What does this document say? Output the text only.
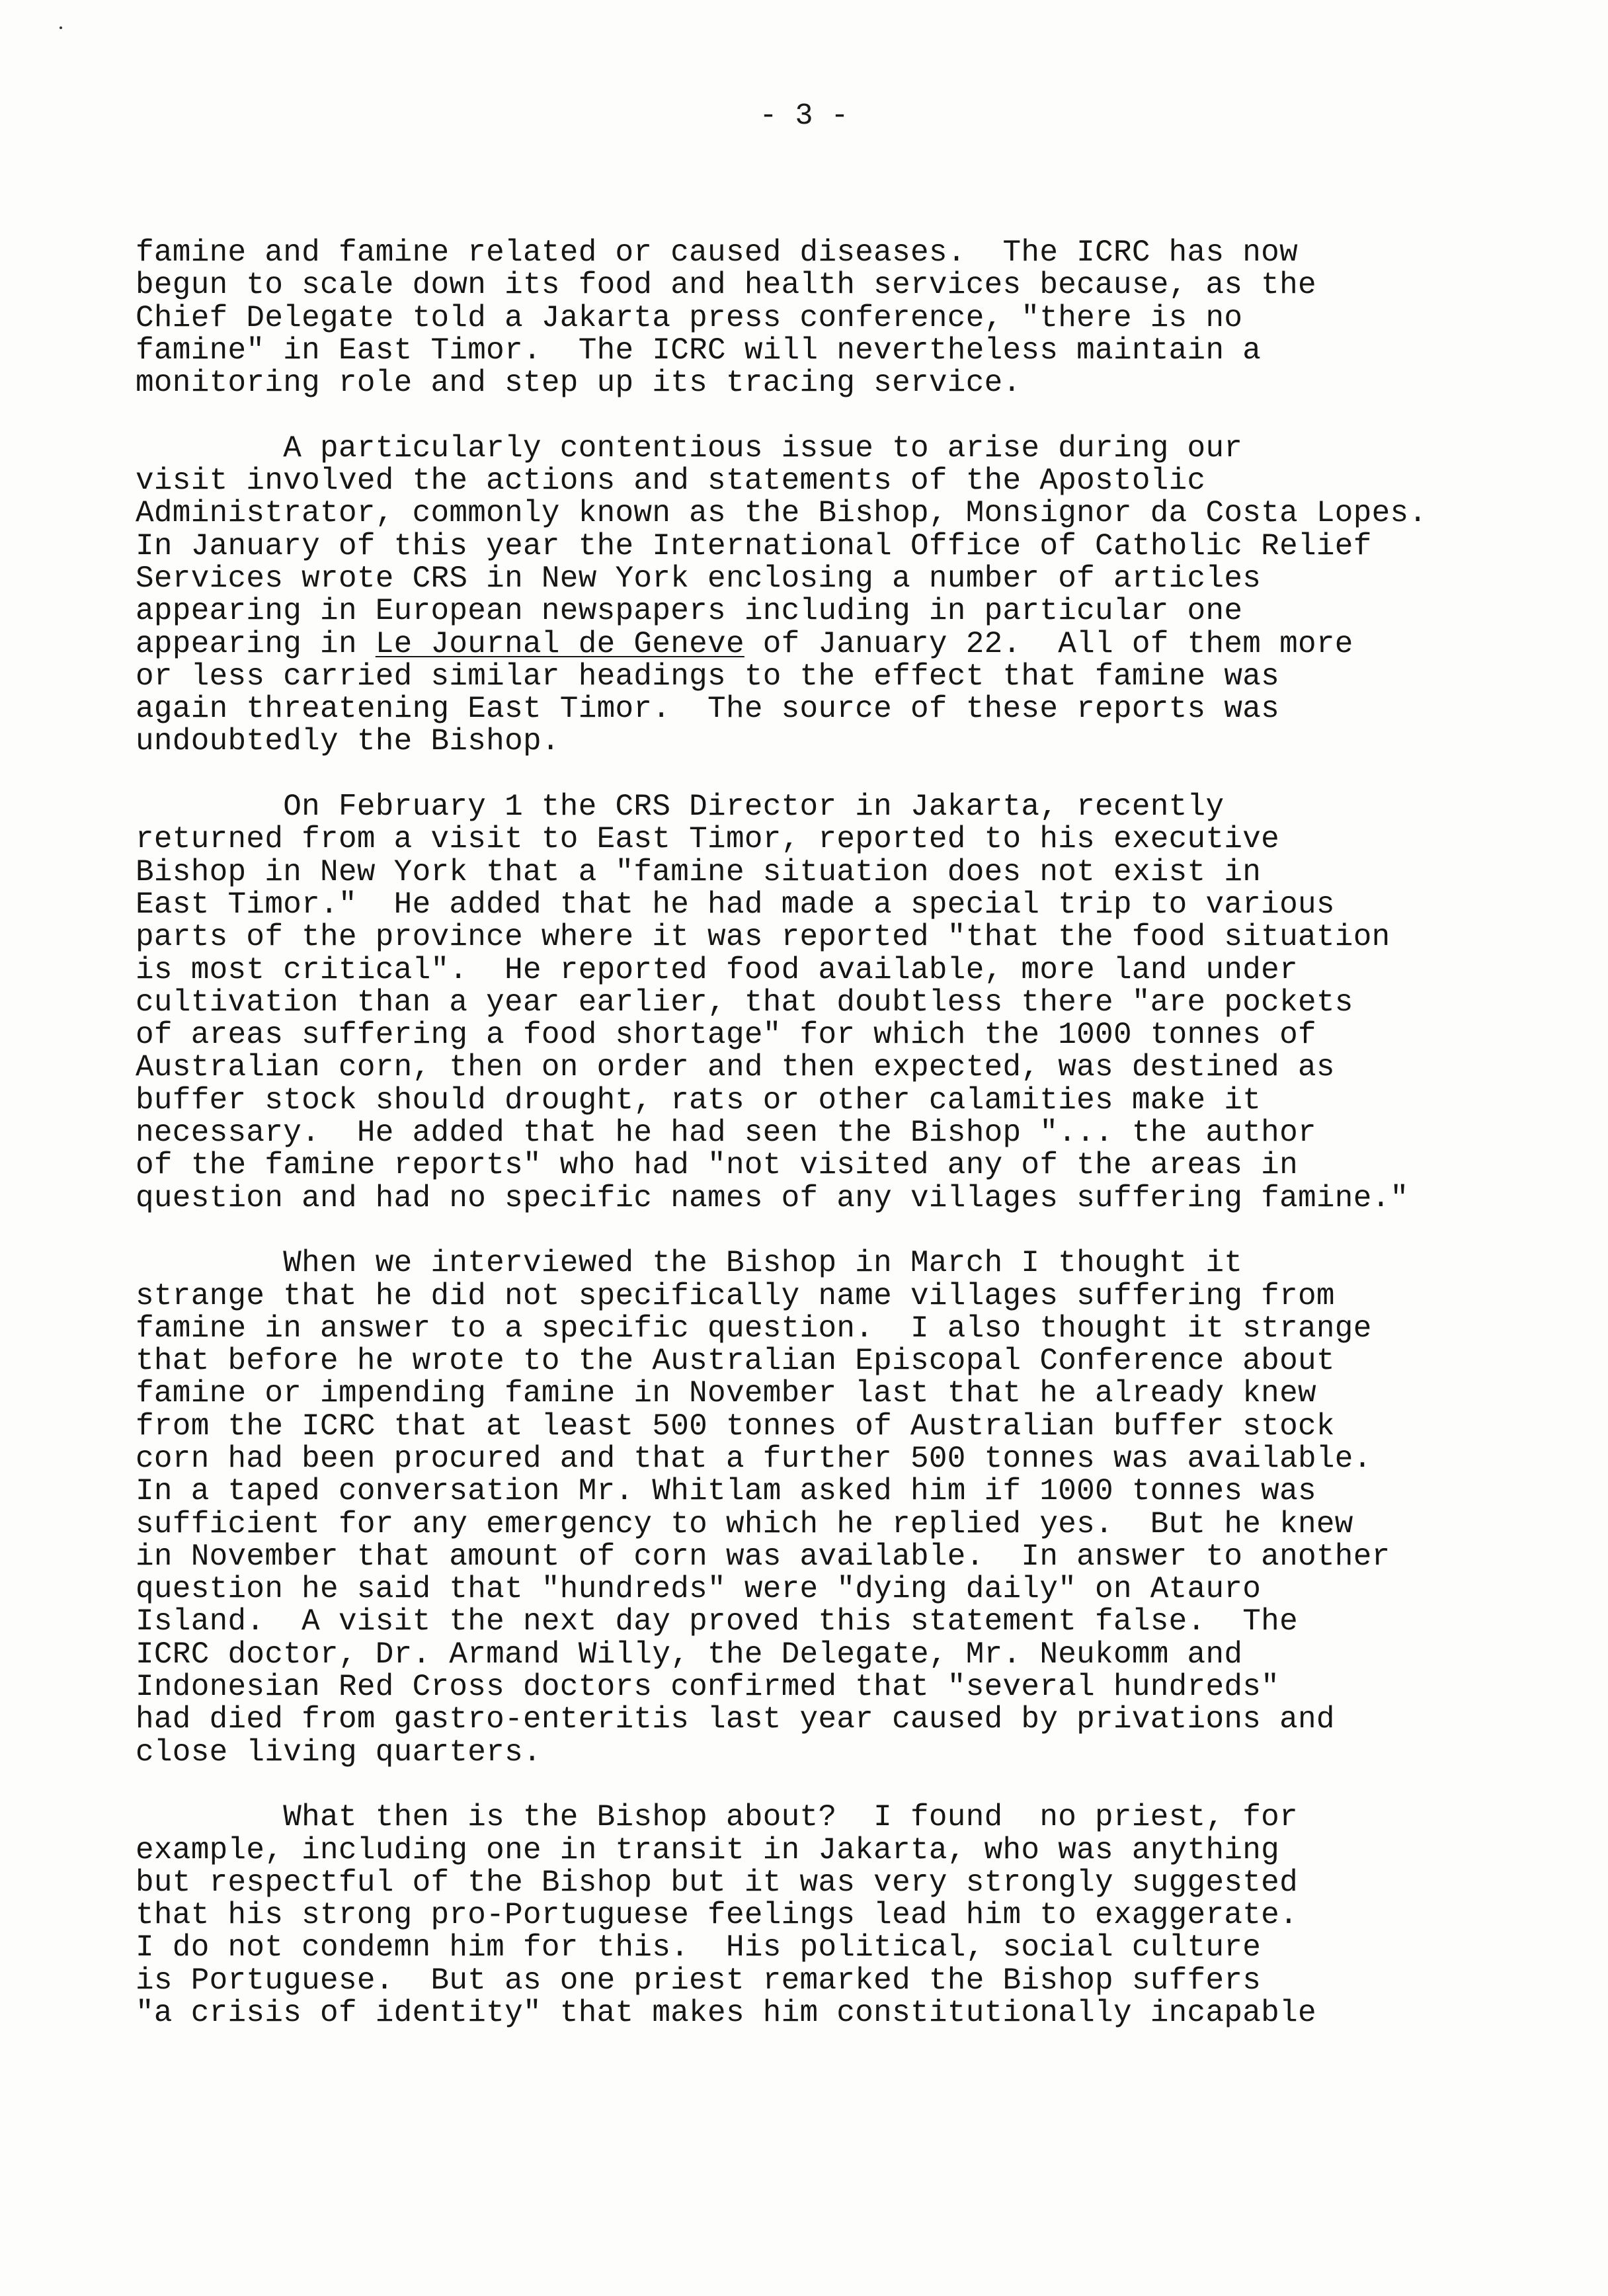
- 3 -
famine and famine related or caused diseases.  The ICRC has now
begun to scale down its food and health services because, as the
Chief Delegate told a Jakarta press conference, "there is no
famine" in East Timor.  The ICRC will nevertheless maintain a
monitoring role and step up its tracing service.
A particularly contentious issue to arise during our
visit involved the actions and statements of the Apostolic
Administrator, commonly known as the Bishop, Monsignor da Costa Lopes.
In January of this year the International Office of Catholic Relief
Services wrote CRS in New York enclosing a number of articles
appearing in European newspapers including in particular one
appearing in Le Journal de Geneve of January 22.  All of them more
or less carried similar headings to the effect that famine was
again threatening East Timor.  The source of these reports was
undoubtedly the Bishop.
On February 1 the CRS Director in Jakarta, recently
returned from a visit to East Timor, reported to his executive
Bishop in New York that a "famine situation does not exist in
East Timor."  He added that he had made a special trip to various
parts of the province where it was reported "that the food situation
is most critical".  He reported food available, more land under
cultivation than a year earlier, that doubtless there "are pockets
of areas suffering a food shortage" for which the 1000 tonnes of
Australian corn, then on order and then expected, was destined as
buffer stock should drought, rats or other calamities make it
necessary.  He added that he had seen the Bishop "... the author
of the famine reports" who had "not visited any of the areas in
question and had no specific names of any villages suffering famine."
When we interviewed the Bishop in March I thought it
strange that he did not specifically name villages suffering from
famine in answer to a specific question.  I also thought it strange
that before he wrote to the Australian Episcopal Conference about
famine or impending famine in November last that he already knew
from the ICRC that at least 500 tonnes of Australian buffer stock
corn had been procured and that a further 500 tonnes was available.
In a taped conversation Mr. Whitlam asked him if 1000 tonnes was
sufficient for any emergency to which he replied yes.  But he knew
in November that amount of corn was available.  In answer to another
question he said that "hundreds" were "dying daily" on Atauro
Island.  A visit the next day proved this statement false.  The
ICRC doctor, Dr. Armand Willy, the Delegate, Mr. Neukomm and
Indonesian Red Cross doctors confirmed that "several hundreds"
had died from gastro-enteritis last year caused by privations and
close living quarters.
What then is the Bishop about?  I found  no priest, for
example, including one in transit in Jakarta, who was anything
but respectful of the Bishop but it was very strongly suggested
that his strong pro-Portuguese feelings lead him to exaggerate.
I do not condemn him for this.  His political, social culture
is Portuguese.  But as one priest remarked the Bishop suffers
"a crisis of identity" that makes him constitutionally incapable
